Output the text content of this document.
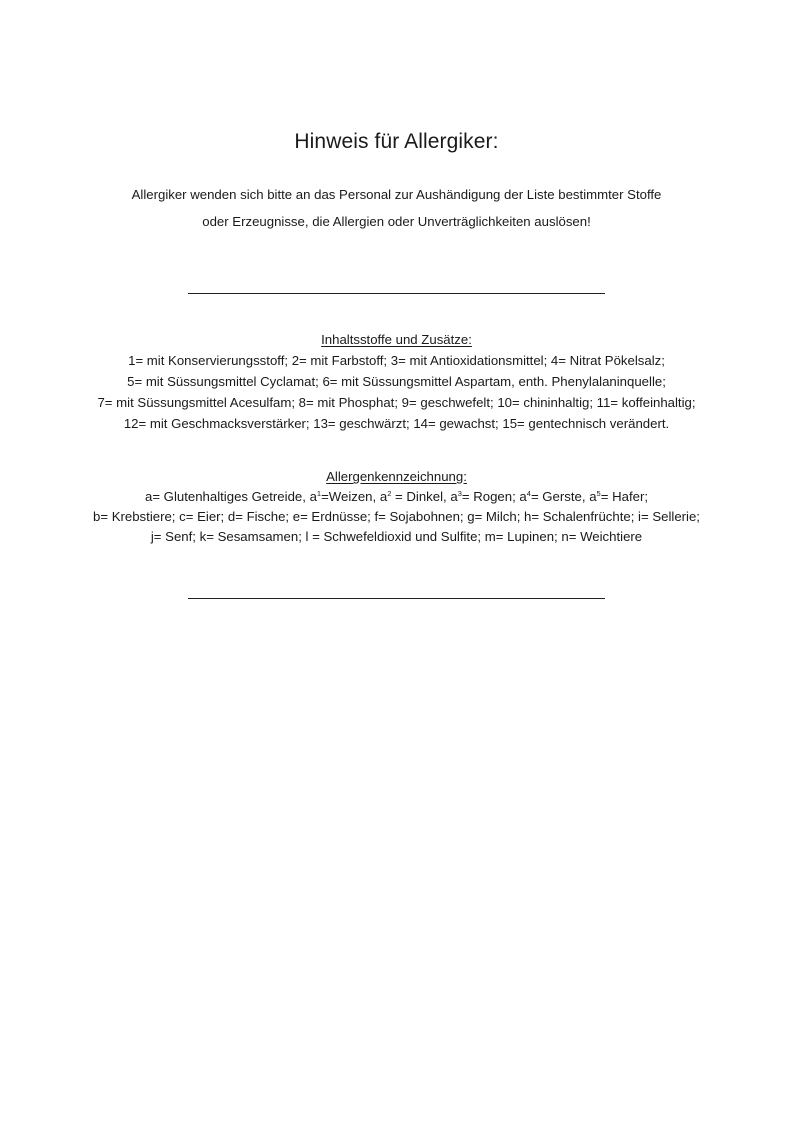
Hinweis für Allergiker:
Allergiker wenden sich bitte an das Personal zur Aushändigung der Liste bestimmter Stoffe
oder Erzeugnisse, die Allergien oder Unverträglichkeiten auslösen!
Inhaltsstoffe und Zusätze:
1= mit Konservierungsstoff; 2= mit Farbstoff; 3= mit Antioxidationsmittel; 4= Nitrat Pökelsalz;
5= mit Süssungsmittel Cyclamat; 6= mit Süssungsmittel Aspartam, enth. Phenylalaninquelle;
7= mit Süssungsmittel Acesulfam; 8= mit Phosphat; 9= geschwefelt; 10= chininhaltig; 11= koffeinhaltig;
12= mit Geschmacksverstärker; 13= geschwärzt; 14= gewachst; 15= gentechnisch verändert.
Allergenkennzeichnung:
a= Glutenhaltiges Getreide, $a^1=Weizen$, $a^2$ = Dinkel, $a^3=$ Rogen; $a^4=$ Gerste, $a^5=$ Hafer;
b= Krebstiere; c= Eier; d= Fische; e= Erdnüsse; f= Sojabohnen; g= Milch; h= Schalenfrüchte; i= Sellerie;
j= Senf; k= Sesamsamen; l = Schwefeldioxid und Sulfite; m= Lupinen; n= Weichtiere
